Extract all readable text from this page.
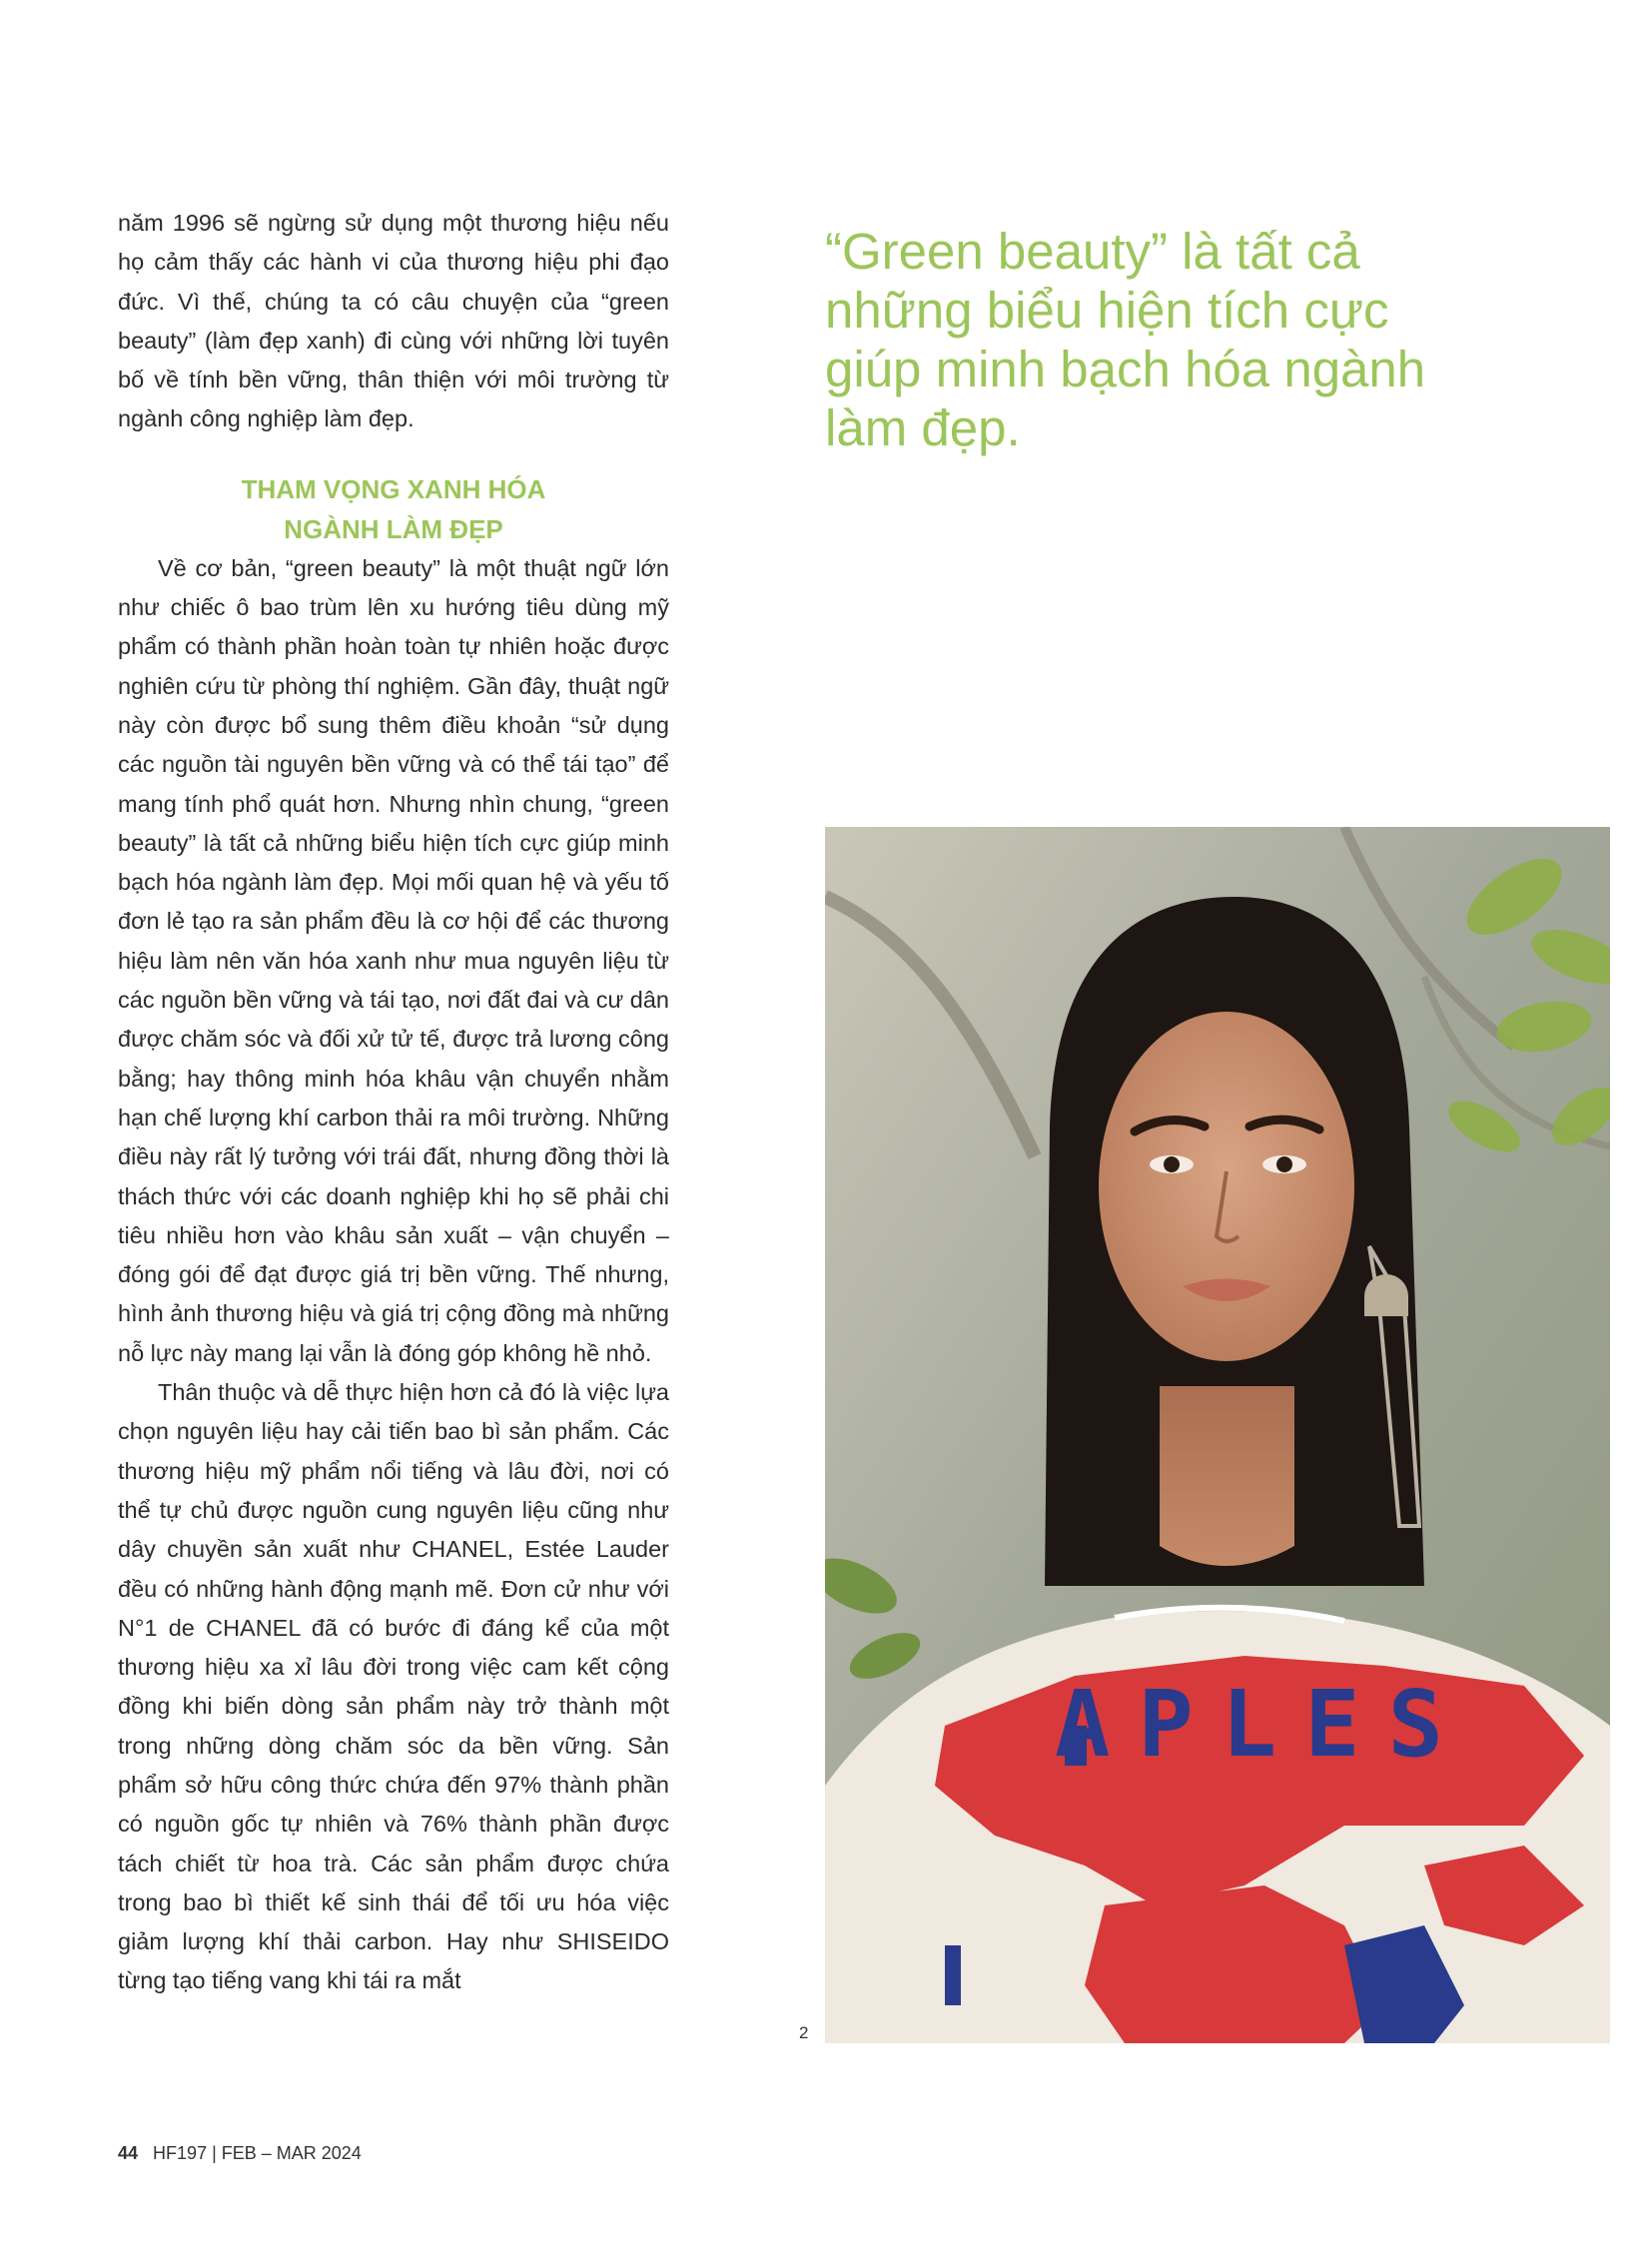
năm 1996 sẽ ngừng sử dụng một thương hiệu nếu họ cảm thấy các hành vi của thương hiệu phi đạo đức. Vì thế, chúng ta có câu chuyện của “green beauty” (làm đẹp xanh) đi cùng với những lời tuyên bố về tính bền vững, thân thiện với môi trường từ ngành công nghiệp làm đẹp.

THAM VỌNG XANH HÓA
NGÀNH LÀM ĐẸP

Về cơ bản, “green beauty” là một thuật ngữ lớn như chiếc ô bao trùm lên xu hướng tiêu dùng mỹ phẩm có thành phần hoàn toàn tự nhiên hoặc được nghiên cứu từ phòng thí nghiệm. Gần đây, thuật ngữ này còn được bổ sung thêm điều khoản “sử dụng các nguồn tài nguyên bền vững và có thể tái tạo” để mang tính phổ quát hơn. Nhưng nhìn chung, “green beauty” là tất cả những biểu hiện tích cực giúp minh bạch hóa ngành làm đẹp. Mọi mối quan hệ và yếu tố đơn lẻ tạo ra sản phẩm đều là cơ hội để các thương hiệu làm nên văn hóa xanh như mua nguyên liệu từ các nguồn bền vững và tái tạo, nơi đất đai và cư dân được chăm sóc và đối xử tử tế, được trả lương công bằng; hay thông minh hóa khâu vận chuyển nhằm hạn chế lượng khí carbon thải ra môi trường. Những điều này rất lý tưởng với trái đất, nhưng đồng thời là thách thức với các doanh nghiệp khi họ sẽ phải chi tiêu nhiều hơn vào khâu sản xuất – vận chuyển – đóng gói để đạt được giá trị bền vững. Thế nhưng, hình ảnh thương hiệu và giá trị cộng đồng mà những nỗ lực này mang lại vẫn là đóng góp không hề nhỏ.

Thân thuộc và dễ thực hiện hơn cả đó là việc lựa chọn nguyên liệu hay cải tiến bao bì sản phẩm. Các thương hiệu mỹ phẩm nổi tiếng và lâu đời, nơi có thể tự chủ được nguồn cung nguyên liệu cũng như dây chuyền sản xuất như CHANEL, Estée Lauder đều có những hành động mạnh mẽ. Đơn cử như với N°1 de CHANEL đã có bước đi đáng kể của một thương hiệu xa xỉ lâu đời trong việc cam kết cộng đồng khi biến dòng sản phẩm này trở thành một trong những dòng chăm sóc da bền vững. Sản phẩm sở hữu công thức chứa đến 97% thành phần có nguồn gốc tự nhiên và 76% thành phần được tách chiết từ hoa trà. Các sản phẩm được chứa trong bao bì thiết kế sinh thái để tối ưu hóa việc giảm lượng khí thải carbon. Hay như SHISEIDO từng tạo tiếng vang khi tái ra mắt

“Green beauty” là tất cả những biểu hiện tích cực giúp minh bạch hóa ngành làm đẹp.

APLES
2
44 HF197 | FEB – MAR 2024
